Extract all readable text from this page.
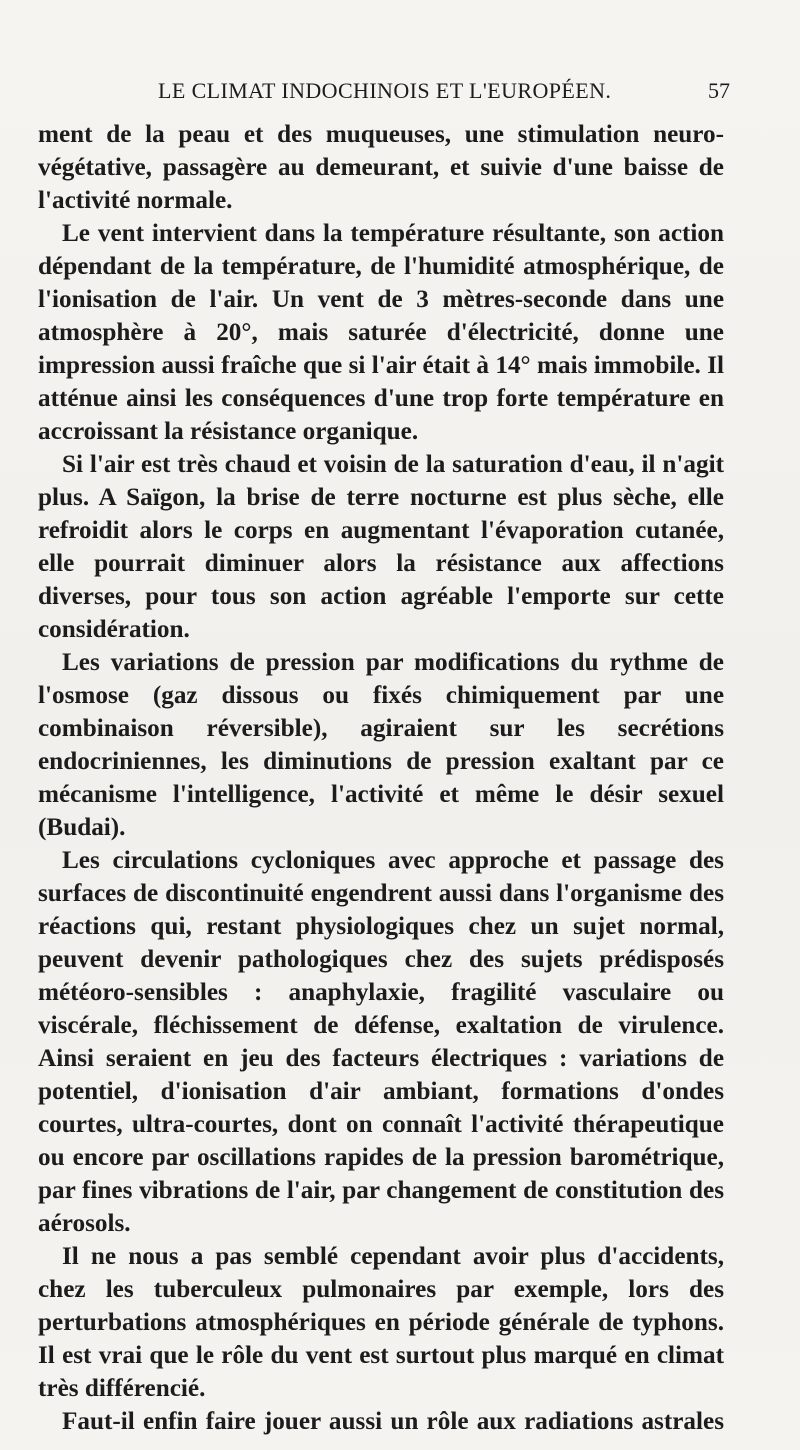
LE CLIMAT INDOCHINOIS ET L'EUROPÉEN.	57

ment de la peau et des muqueuses, une stimulation neuro-végétative, passagère au demeurant, et suivie d'une baisse de l'activité normale.

Le vent intervient dans la température résultante, son action dépendant de la température, de l'humidité atmosphérique, de l'ionisation de l'air. Un vent de 3 mètres-seconde dans une atmosphère à 20°, mais saturée d'électricité, donne une impression aussi fraîche que si l'air était à 14° mais immobile. Il atténue ainsi les conséquences d'une trop forte température en accroissant la résistance organique.

Si l'air est très chaud et voisin de la saturation d'eau, il n'agit plus. A Saïgon, la brise de terre nocturne est plus sèche, elle refroidit alors le corps en augmentant l'évaporation cutanée, elle pourrait diminuer alors la résistance aux affections diverses, pour tous son action agréable l'emporte sur cette considération.

Les variations de pression par modifications du rythme de l'osmose (gaz dissous ou fixés chimiquement par une combinaison réversible), agiraient sur les secrétions endocriniennes, les diminutions de pression exaltant par ce mécanisme l'intelligence, l'activité et même le désir sexuel (Budai).

Les circulations cycloniques avec approche et passage des surfaces de discontinuité engendrent aussi dans l'organisme des réactions qui, restant physiologiques chez un sujet normal, peuvent devenir pathologiques chez des sujets prédisposés météoro-sensibles : anaphylaxie, fragilité vasculaire ou viscérale, fléchissement de défense, exaltation de virulence. Ainsi seraient en jeu des facteurs électriques : variations de potentiel, d'ionisation d'air ambiant, formations d'ondes courtes, ultra-courtes, dont on connaît l'activité thérapeutique ou encore par oscillations rapides de la pression barométrique, par fines vibrations de l'air, par changement de constitution des aérosols.

Il ne nous a pas semblé cependant avoir plus d'accidents, chez les tuberculeux pulmonaires par exemple, lors des perturbations atmosphériques en période générale de typhons. Il est vrai que le rôle du vent est surtout plus marqué en climat très différencié.

Faut-il enfin faire jouer aussi un rôle aux radiations astrales
